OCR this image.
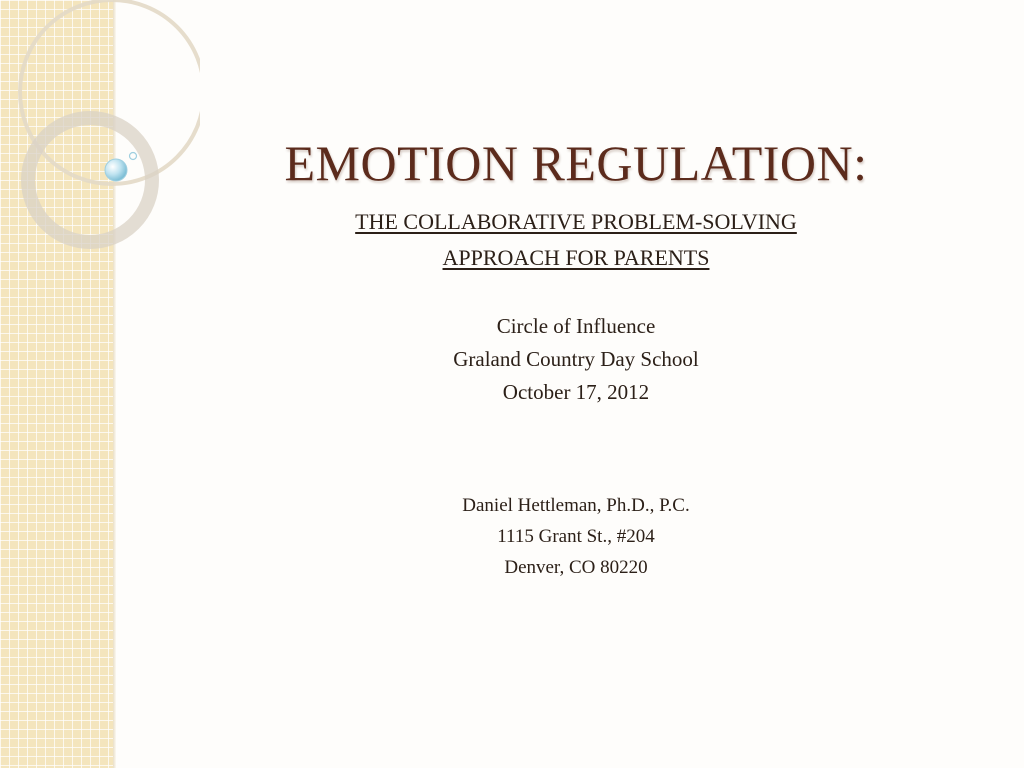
EMOTION REGULATION:
THE COLLABORATIVE PROBLEM-SOLVING
APPROACH FOR PARENTS
Circle of Influence
Graland Country Day School
October 17, 2012
Daniel Hettleman, Ph.D., P.C.
1115 Grant St., #204
Denver, CO 80220
